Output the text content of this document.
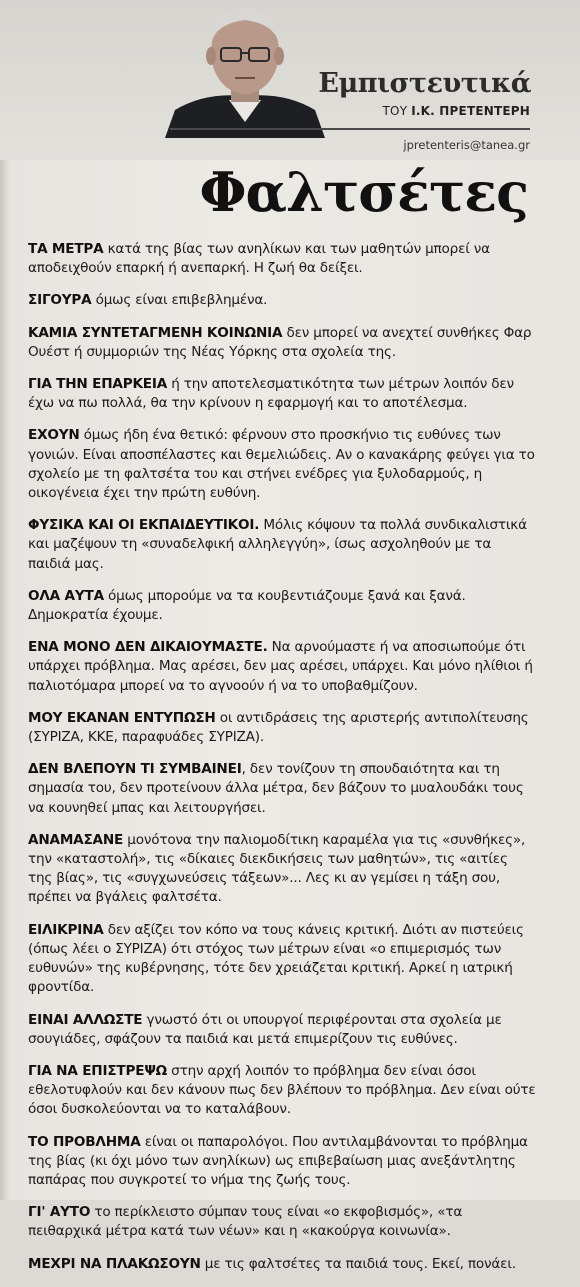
Εμπιστευτικά
ΤΟΥ Ι.Κ. ΠΡΕΤΕΝΤΕΡΗ
jpretenteris@tanea.gr
Φαλτσέτες

ΤΑ ΜΕΤΡΑ κατά της βίας των ανηλίκων και των μαθητών μπορεί να αποδειχθούν επαρκή ή ανεπαρκή. Η ζωή θα δείξει.

ΣΙΓΟΥΡΑ όμως είναι επιβεβλημένα.

ΚΑΜΙΑ ΣΥΝΤΕΤΑΓΜΕΝΗ ΚΟΙΝΩΝΙΑ δεν μπορεί να ανεχτεί συνθήκες Φαρ Ουέστ ή συμμοριών της Νέας Υόρκης στα σχολεία της.

ΓΙΑ ΤΗΝ ΕΠΑΡΚΕΙΑ ή την αποτελεσματικότητα των μέτρων λοιπόν δεν έχω να πω πολλά, θα την κρίνουν η εφαρμογή και το αποτέλεσμα.

ΕΧΟΥΝ όμως ήδη ένα θετικό: φέρνουν στο προσκήνιο τις ευθύνες των γονιών. Είναι αποσπέλαστες και θεμελιώδεις. Αν ο κανακάρης φεύγει για το σχολείο με τη φαλτσέτα του και στήνει ενέδρες για ξυλοδαρμούς, η οικογένεια έχει την πρώτη ευθύνη.

ΦΥΣΙΚΑ ΚΑΙ ΟΙ ΕΚΠΑΙΔΕΥΤΙΚΟΙ. Μόλις κόψουν τα πολλά συνδικαλιστικά και μαζέψουν τη «συναδελφική αλληλεγγύη», ίσως ασχοληθούν με τα παιδιά μας.

ΟΛΑ ΑΥΤΑ όμως μπορούμε να τα κουβεντιάζουμε ξανά και ξανά. Δημοκρατία έχουμε.

ΕΝΑ ΜΟΝΟ ΔΕΝ ΔΙΚΑΙΟΥΜΑΣΤΕ. Να αρνούμαστε ή να αποσιωπούμε ότι υπάρχει πρόβλημα. Μας αρέσει, δεν μας αρέσει, υπάρχει. Και μόνο ηλίθιοι ή παλιοτόμαρα μπορεί να το αγνοούν ή να το υποβαθμίζουν.

ΜΟΥ ΕΚΑΝΑΝ ΕΝΤΥΠΩΣΗ οι αντιδράσεις της αριστερής αντιπολίτευσης (ΣΥΡΙΖΑ, ΚΚΕ, παραφυάδες ΣΥΡΙΖΑ).

ΔΕΝ ΒΛΕΠΟΥΝ ΤΙ ΣΥΜΒΑΙΝΕΙ, δεν τονίζουν τη σπουδαιότητα και τη σημασία του, δεν προτείνουν άλλα μέτρα, δεν βάζουν το μυαλουδάκι τους να κουνηθεί μπας και λειτουργήσει.

ΑΝΑΜΑΣΑΝΕ μονότονα την παλιομοδίτικη καραμέλα για τις «συνθήκες», την «καταστολή», τις «δίκαιες διεκδικήσεις των μαθητών», τις «αιτίες της βίας», τις «συγχωνεύσεις τάξεων»... Λες κι αν γεμίσει η τάξη σου, πρέπει να βγάλεις φαλτσέτα.

ΕΙΛΙΚΡΙΝΑ δεν αξίζει τον κόπο να τους κάνεις κριτική. Διότι αν πιστεύεις (όπως λέει ο ΣΥΡΙΖΑ) ότι στόχος των μέτρων είναι «ο επιμερισμός των ευθυνών» της κυβέρνησης, τότε δεν χρειάζεται κριτική. Αρκεί η ιατρική φροντίδα.

ΕΙΝΑΙ ΑΛΛΩΣΤΕ γνωστό ότι οι υπουργοί περιφέρονται στα σχολεία με σουγιάδες, σφάζουν τα παιδιά και μετά επιμερίζουν τις ευθύνες.

ΓΙΑ ΝΑ ΕΠΙΣΤΡΕΨΩ στην αρχή λοιπόν το πρόβλημα δεν είναι όσοι εθελοτυφλούν και δεν κάνουν πως δεν βλέπουν το πρόβλημα. Δεν είναι ούτε όσοι δυσκολεύονται να το καταλάβουν.

ΤΟ ΠΡΟΒΛΗΜΑ είναι οι παπαρολόγοι. Που αντιλαμβάνονται το πρόβλημα της βίας (κι όχι μόνο των ανηλίκων) ως επιβεβαίωση μιας ανεξάντλητης παπάρας που συγκροτεί το νήμα της ζωής τους.

ΓΙ' ΑΥΤΟ το περίκλειστο σύμπαν τους είναι «ο εκφοβισμός», «τα πειθαρχικά μέτρα κατά των νέων» και η «κακούργα κοινωνία».

ΜΕΧΡΙ ΝΑ ΠΛΑΚΩΣΟΥΝ με τις φαλτσέτες τα παιδιά τους. Εκεί, πονάει.
